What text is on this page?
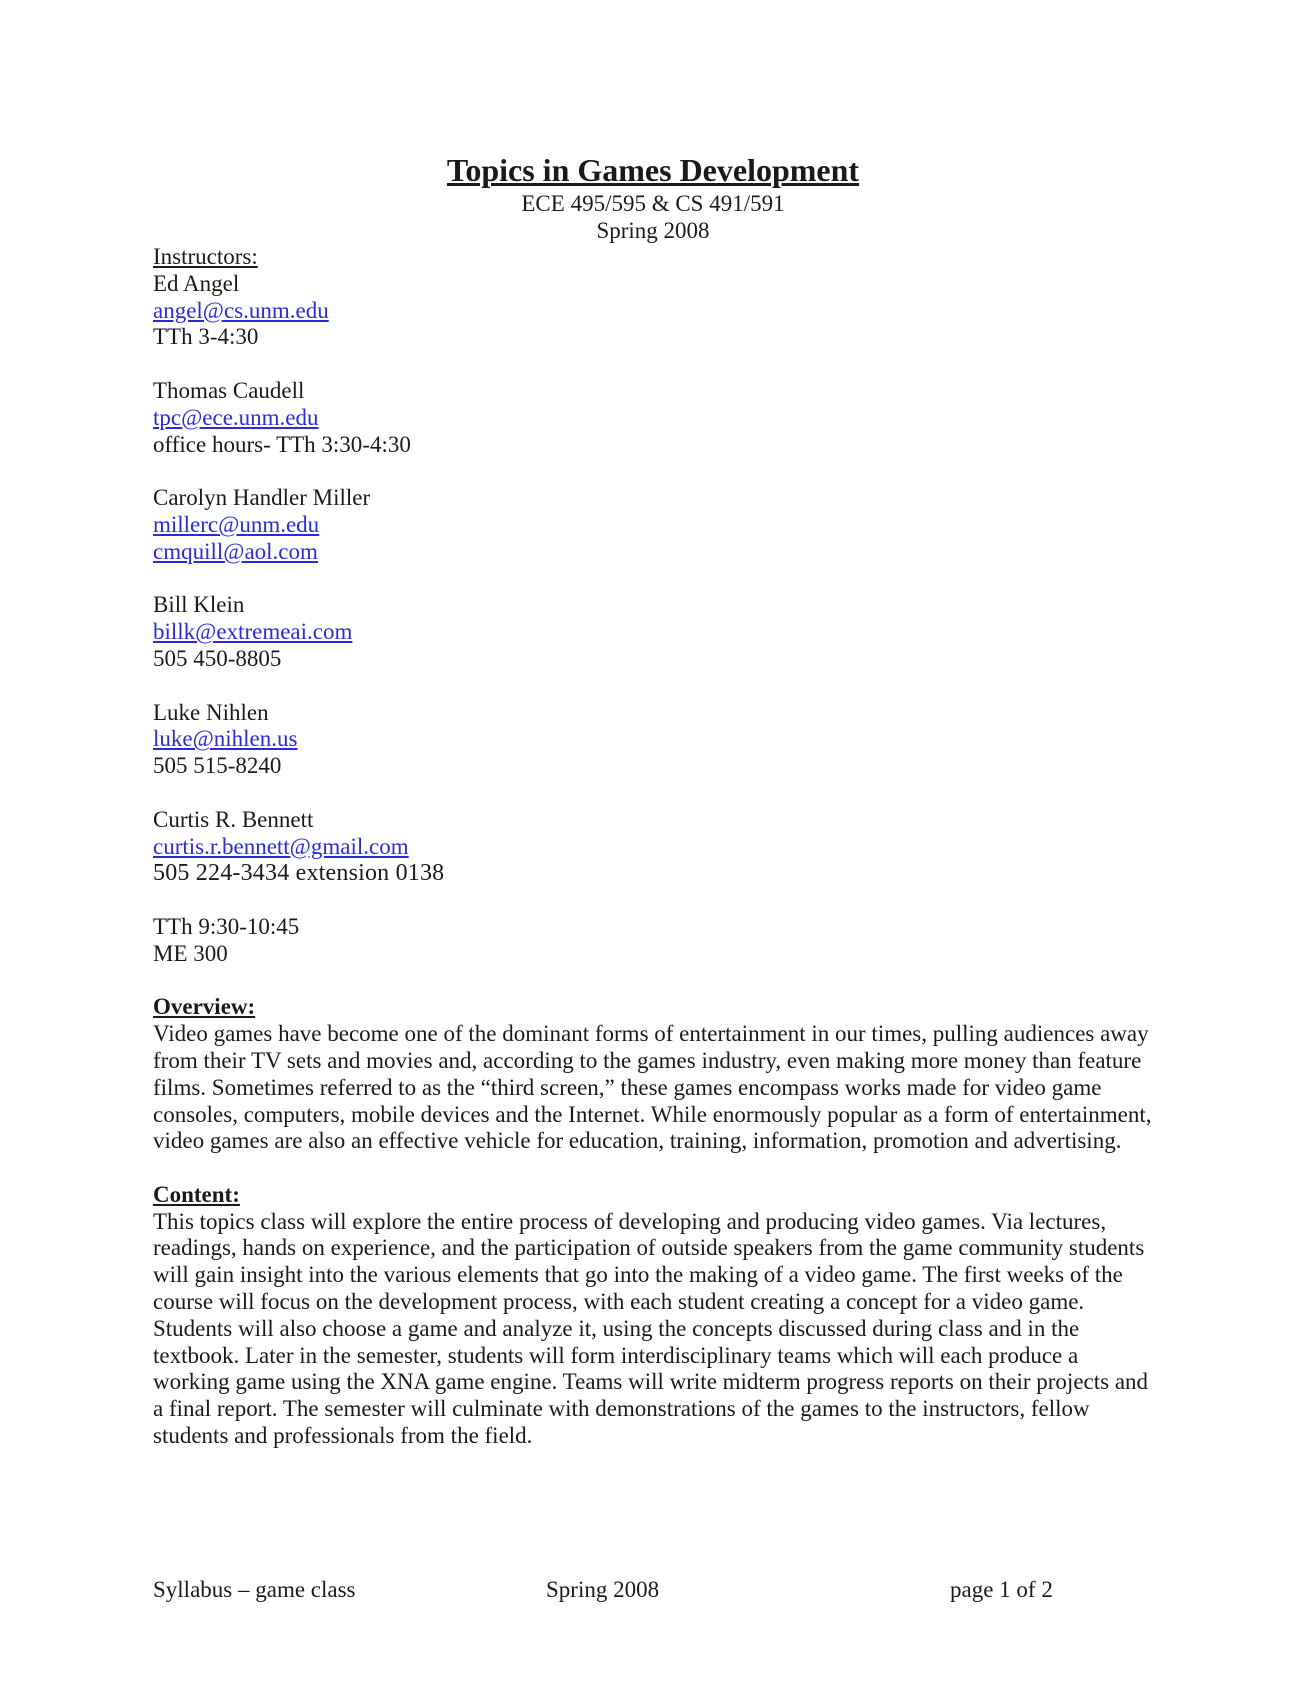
Topics in Games Development
ECE 495/595 & CS 491/591
Spring 2008
Instructors:
Ed Angel
angel@cs.unm.edu
TTh 3-4:30
Thomas Caudell
tpc@ece.unm.edu
office hours- TTh 3:30-4:30
Carolyn Handler Miller
millerc@unm.edu
cmquill@aol.com
Bill Klein
billk@extremeai.com
505 450-8805
Luke Nihlen
luke@nihlen.us
505 515-8240
Curtis R. Bennett
curtis.r.bennett@gmail.com
505 224-3434 extension 0138
TTh 9:30-10:45
ME 300
Overview:
Video games have become one of the dominant forms of entertainment in our times, pulling audiences away from their TV sets and movies and, according to the games industry, even making more money than feature films. Sometimes referred to as the “third screen,” these games encompass works made for video game consoles, computers, mobile devices and the Internet. While enormously popular as a form of entertainment, video games are also an effective vehicle for education, training, information, promotion and advertising.
Content:
This topics class will explore the entire process of developing and producing video games. Via lectures, readings, hands on experience, and the participation of outside speakers from the game community students will gain insight into the various elements that go into the making of a video game. The first weeks of the course will focus on the development process, with each student creating a concept for a video game. Students will also choose a game and analyze it, using the concepts discussed during class and in the textbook. Later in the semester, students will form interdisciplinary teams which will each produce a working game using the XNA game engine. Teams will write midterm progress reports on their projects and a final report. The semester will culminate with demonstrations of the games to the instructors, fellow students and professionals from the field.
Syllabus – game class	Spring 2008	page 1 of 2
